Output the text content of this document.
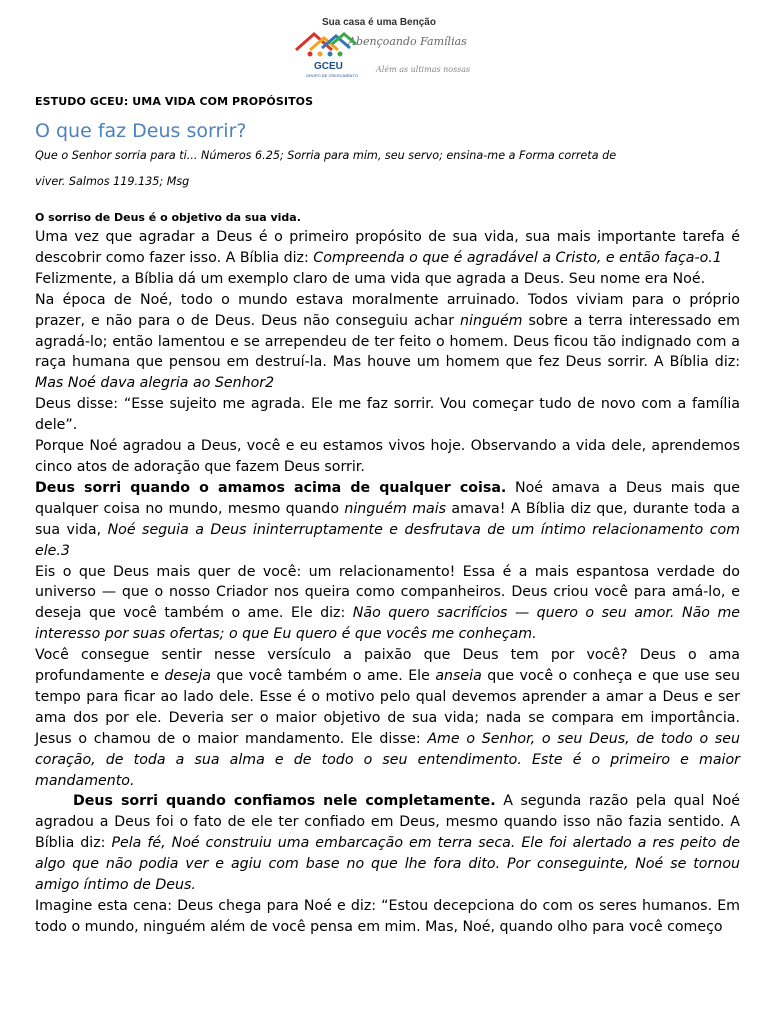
Sua casa é uma Benção
Abençoando Famílias
Além as ultimas nossas
GCEU
GRUPO DE CRESCIMENTO
ESTUDO GCEU: UMA VIDA COM PROPÓSITOS
O que faz Deus sorrir?
Que o Senhor sorria para ti... Números 6.25; Sorria para mim, seu servo; ensina-me a Forma correta de
viver. Salmos 119.135; Msg
O sorriso de Deus é o objetivo da sua vida.

Uma vez que agradar a Deus é o primeiro propósito de sua vida, sua mais importante tarefa é descobrir como fazer isso. A Bíblia diz: Compreenda o que é agradável a Cristo, e então faça-o.1

Felizmente, a Bíblia dá um exemplo claro de uma vida que agrada a Deus. Seu nome era Noé.

Na época de Noé, todo o mundo estava moralmente arruinado. Todos viviam para o próprio prazer, e não para o de Deus. Deus não conseguiu achar ninguém sobre a terra interessado em agradá-lo; então lamentou e se arrependeu de ter feito o homem. Deus ficou tão indignado com a raça humana que pensou em destruí-la. Mas houve um homem que fez Deus sorrir. A Bíblia diz: Mas Noé dava alegria ao Senhor2

Deus disse: “Esse sujeito me agrada. Ele me faz sorrir. Vou começar tudo de novo com a família dele”.

Porque Noé agradou a Deus, você e eu estamos vivos hoje. Observando a vida dele, aprendemos cinco atos de adoração que fazem Deus sorrir.

Deus sorri quando o amamos acima de qualquer coisa. Noé amava a Deus mais que qualquer coisa no mundo, mesmo quando ninguém mais amava! A Bíblia diz que, durante toda a sua vida, Noé seguia a Deus ininterruptamente e desfrutava de um íntimo relacionamento com ele.3

Eis o que Deus mais quer de você: um relacionamento! Essa é a mais espantosa verdade do universo — que o nosso Criador nos queira como companheiros. Deus criou você para amá-lo, e deseja que você também o ame. Ele diz: Não quero sacrifícios — quero o seu amor. Não me interesso por suas ofertas; o que Eu quero é que vocês me conheçam.

Você consegue sentir nesse versículo a paixão que Deus tem por você? Deus o ama profundamente e deseja que você também o ame. Ele anseia que você o conheça e que use seu tempo para ficar ao lado dele. Esse é o motivo pelo qual devemos aprender a amar a Deus e ser ama dos por ele. Deveria ser o maior objetivo de sua vida; nada se compara em importância. Jesus o chamou de o maior mandamento. Ele disse: Ame o Senhor, o seu Deus, de todo o seu coração, de toda a sua alma e de todo o seu entendimento. Este é o primeiro e maior mandamento.

Deus sorri quando confiamos nele completamente. A segunda razão pela qual Noé agradou a Deus foi o fato de ele ter confiado em Deus, mesmo quando isso não fazia sentido. A Bíblia diz: Pela fé, Noé construiu uma embarcação em terra seca. Ele foi alertado a res peito de algo que não podia ver e agiu com base no que lhe fora dito. Por conseguinte, Noé se tornou amigo íntimo de Deus.

Imagine esta cena: Deus chega para Noé e diz: “Estou decepciona do com os seres humanos. Em todo o mundo, ninguém além de você pensa em mim. Mas, Noé, quando olho para você começo
